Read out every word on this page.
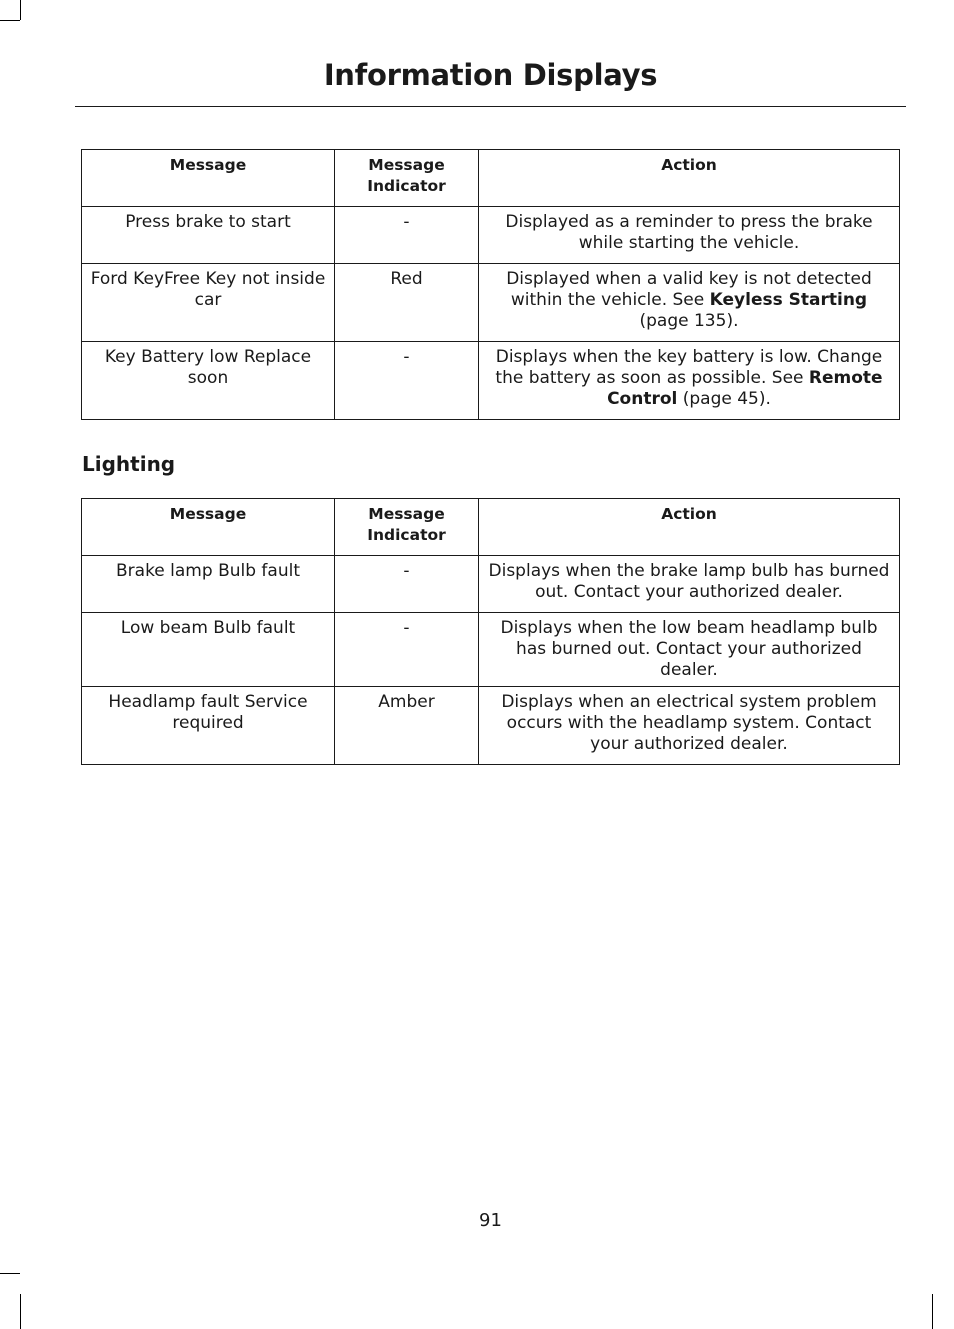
Information Displays
Message	Message Indicator	Action
Press brake to start	-	Displayed as a reminder to press the brake while starting the vehicle.
Ford KeyFree Key not inside car	Red	Displayed when a valid key is not detected within the vehicle. See Keyless Starting (page 135).
Key Battery low Replace soon	-	Displays when the key battery is low. Change the battery as soon as possible. See Remote Control (page 45).
Lighting
Message	Message Indicator	Action
Brake lamp Bulb fault	-	Displays when the brake lamp bulb has burned out. Contact your authorized dealer.
Low beam Bulb fault	-	Displays when the low beam headlamp bulb has burned out. Contact your authorized dealer.
Headlamp fault Service required	Amber	Displays when an electrical system problem occurs with the headlamp system. Contact your authorized dealer.
91
